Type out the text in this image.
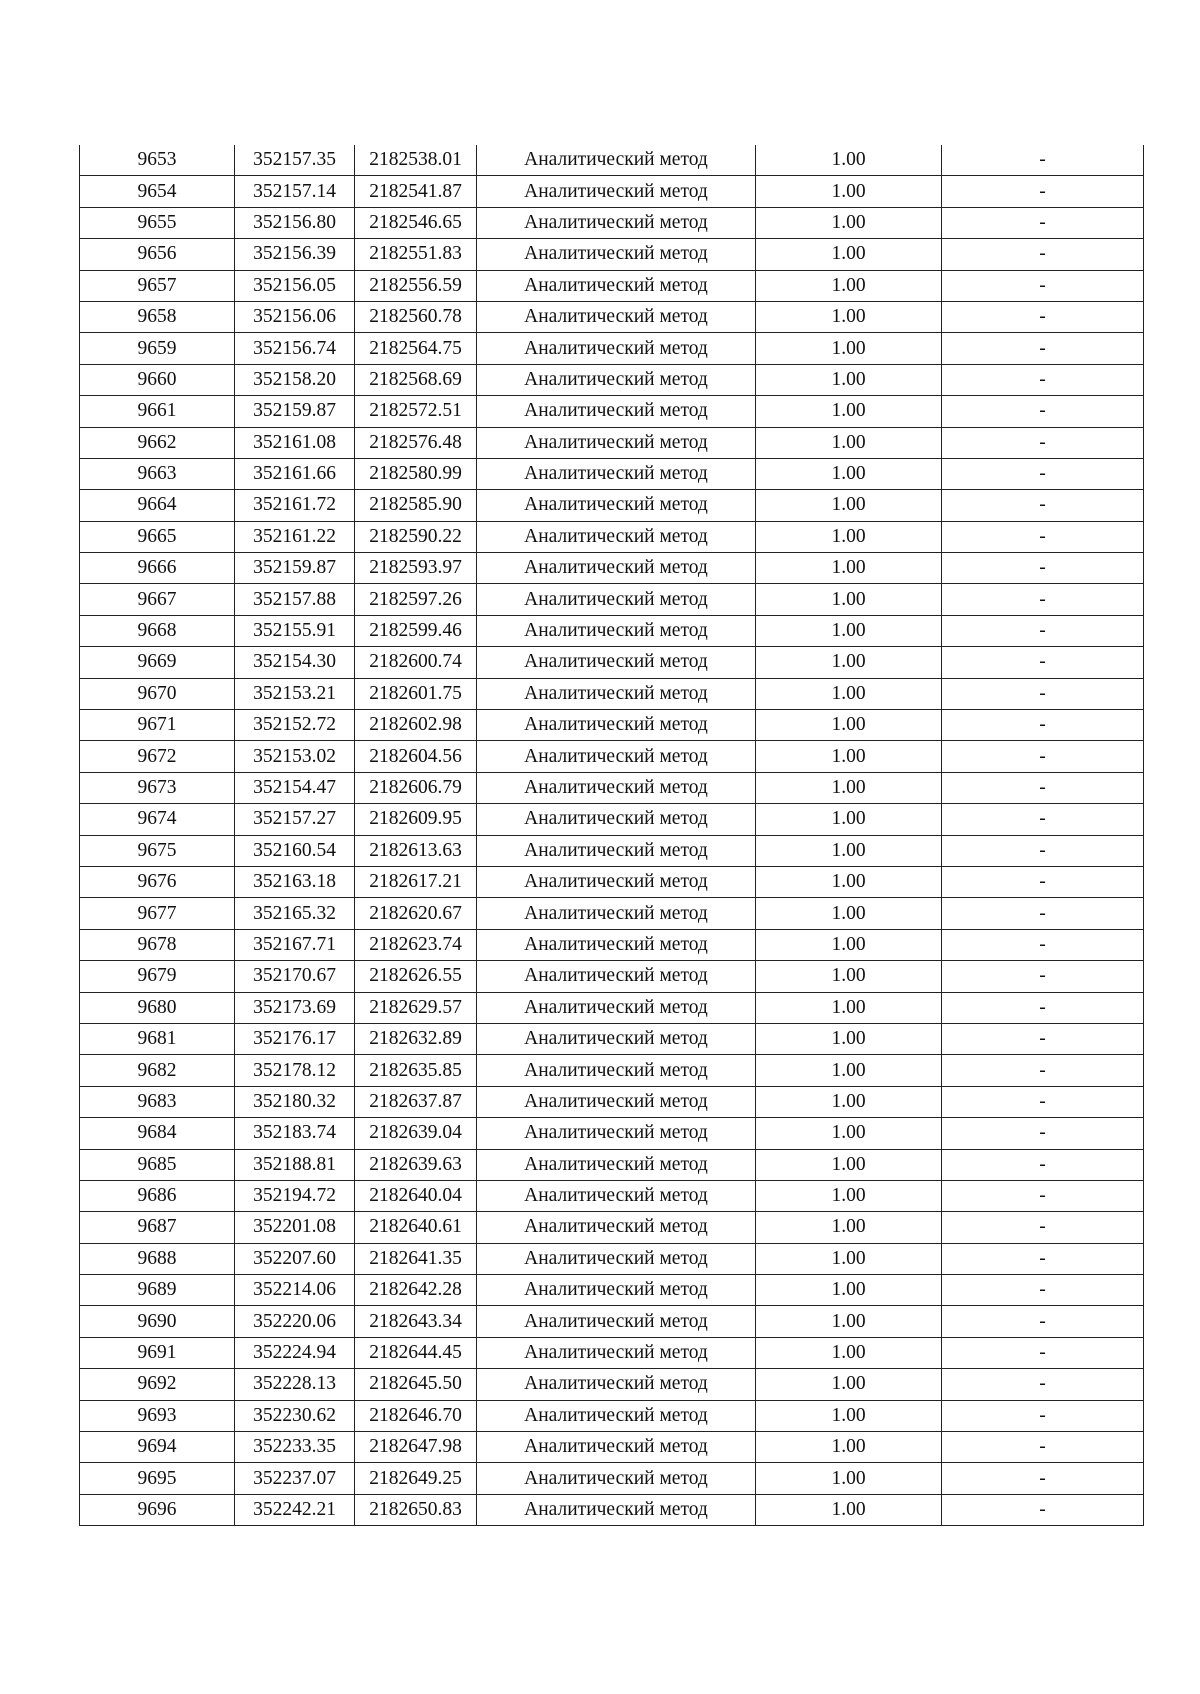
9653	352157.35	2182538.01	Аналитический метод	1.00	-
9654	352157.14	2182541.87	Аналитический метод	1.00	-
9655	352156.80	2182546.65	Аналитический метод	1.00	-
9656	352156.39	2182551.83	Аналитический метод	1.00	-
9657	352156.05	2182556.59	Аналитический метод	1.00	-
9658	352156.06	2182560.78	Аналитический метод	1.00	-
9659	352156.74	2182564.75	Аналитический метод	1.00	-
9660	352158.20	2182568.69	Аналитический метод	1.00	-
9661	352159.87	2182572.51	Аналитический метод	1.00	-
9662	352161.08	2182576.48	Аналитический метод	1.00	-
9663	352161.66	2182580.99	Аналитический метод	1.00	-
9664	352161.72	2182585.90	Аналитический метод	1.00	-
9665	352161.22	2182590.22	Аналитический метод	1.00	-
9666	352159.87	2182593.97	Аналитический метод	1.00	-
9667	352157.88	2182597.26	Аналитический метод	1.00	-
9668	352155.91	2182599.46	Аналитический метод	1.00	-
9669	352154.30	2182600.74	Аналитический метод	1.00	-
9670	352153.21	2182601.75	Аналитический метод	1.00	-
9671	352152.72	2182602.98	Аналитический метод	1.00	-
9672	352153.02	2182604.56	Аналитический метод	1.00	-
9673	352154.47	2182606.79	Аналитический метод	1.00	-
9674	352157.27	2182609.95	Аналитический метод	1.00	-
9675	352160.54	2182613.63	Аналитический метод	1.00	-
9676	352163.18	2182617.21	Аналитический метод	1.00	-
9677	352165.32	2182620.67	Аналитический метод	1.00	-
9678	352167.71	2182623.74	Аналитический метод	1.00	-
9679	352170.67	2182626.55	Аналитический метод	1.00	-
9680	352173.69	2182629.57	Аналитический метод	1.00	-
9681	352176.17	2182632.89	Аналитический метод	1.00	-
9682	352178.12	2182635.85	Аналитический метод	1.00	-
9683	352180.32	2182637.87	Аналитический метод	1.00	-
9684	352183.74	2182639.04	Аналитический метод	1.00	-
9685	352188.81	2182639.63	Аналитический метод	1.00	-
9686	352194.72	2182640.04	Аналитический метод	1.00	-
9687	352201.08	2182640.61	Аналитический метод	1.00	-
9688	352207.60	2182641.35	Аналитический метод	1.00	-
9689	352214.06	2182642.28	Аналитический метод	1.00	-
9690	352220.06	2182643.34	Аналитический метод	1.00	-
9691	352224.94	2182644.45	Аналитический метод	1.00	-
9692	352228.13	2182645.50	Аналитический метод	1.00	-
9693	352230.62	2182646.70	Аналитический метод	1.00	-
9694	352233.35	2182647.98	Аналитический метод	1.00	-
9695	352237.07	2182649.25	Аналитический метод	1.00	-
9696	352242.21	2182650.83	Аналитический метод	1.00	-
